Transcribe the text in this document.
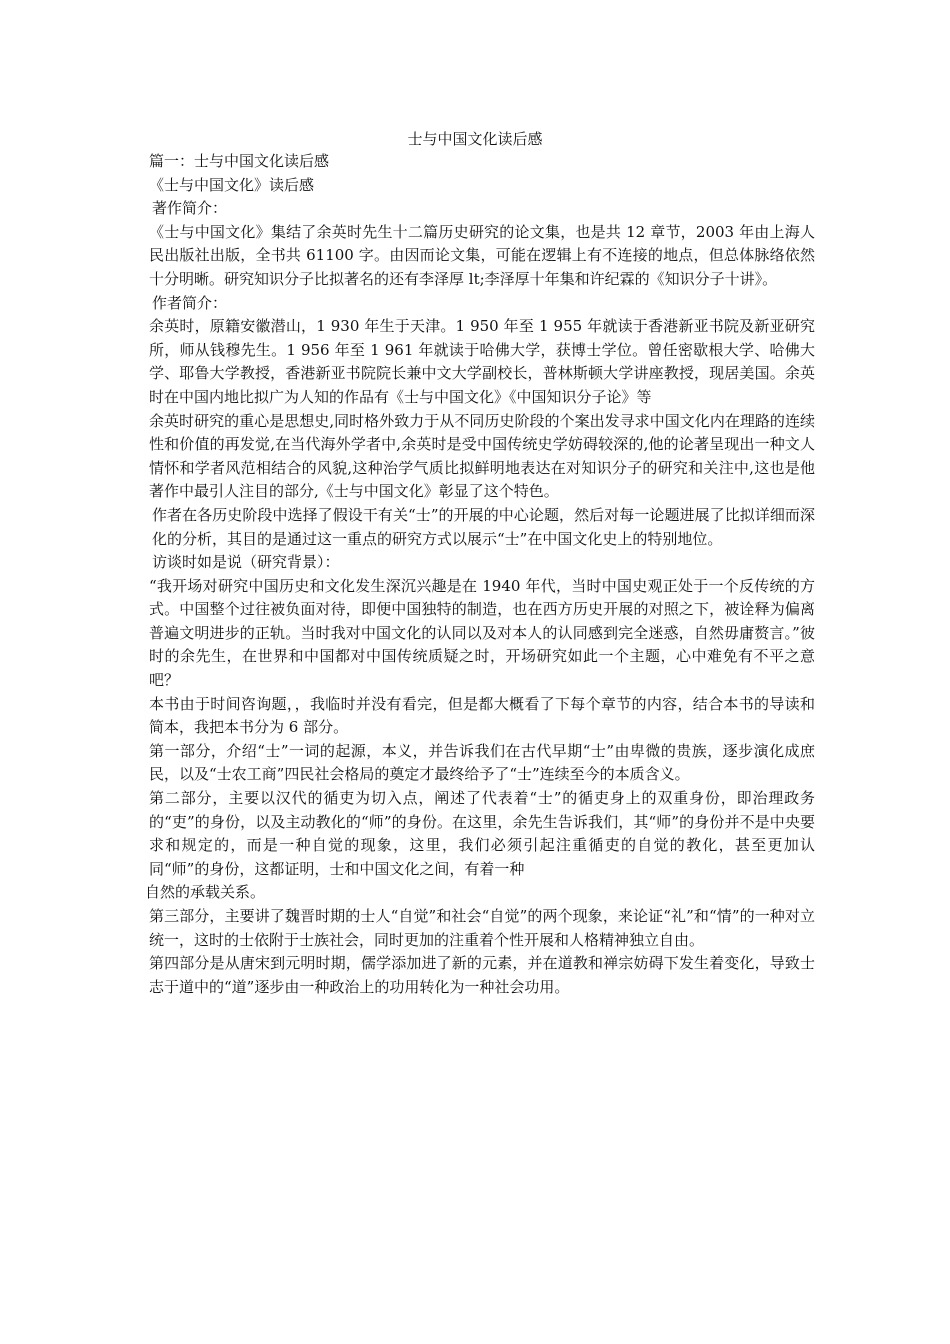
士与中国文化读后感

篇一：士与中国文化读后感

《士与中国文化》读后感

著作简介：

《士与中国文化》集结了余英时先生十二篇历史研究的论文集，也是共 12 章节，2003 年由上海人民出版社出版，全书共 61100 字。由因而论文集，可能在逻辑上有不连接的地点，但总体脉络依然十分明晰。研究知识分子比拟著名的还有李泽厚 lt;李泽厚十年集和许纪霖的《知识分子十讲》。

作者简介：

余英时，原籍安徽潜山，1 930 年生于天津。1 950 年至 1 955 年就读于香港新亚书院及新亚研究所，师从钱穆先生。1 956 年至 1 961 年就读于哈佛大学，获博士学位。曾任密歇根大学、哈佛大学、耶鲁大学教授，香港新亚书院院长兼中文大学副校长，普林斯顿大学讲座教授，现居美国。余英时在中国内地比拟广为人知的作品有《士与中国文化》《中国知识分子论》等

余英时研究的重心是思想史,同时格外致力于从不同历史阶段的个案出发寻求中国文化内在理路的连续性和价值的再发觉,在当代海外学者中,余英时是受中国传统史学妨碍较深的,他的论著呈现出一种文人情怀和学者风范相结合的风貌,这种治学气质比拟鲜明地表达在对知识分子的研究和关注中,这也是他著作中最引人注目的部分,《士与中国文化》彰显了这个特色。

作者在各历史阶段中选择了假设干有关“士”的开展的中心论题，然后对每一论题进展了比拟详细而深化的分析，其目的是通过这一重点的研究方式以展示“士”在中国文化史上的特别地位。

访谈时如是说（研究背景）：

“我开场对研究中国历史和文化发生深沉兴趣是在 1940 年代，当时中国史观正处于一个反传统的方式。中国整个过往被负面对待，即便中国独特的制造，也在西方历史开展的对照之下，被诠释为偏离普遍文明进步的正轨。当时我对中国文化的认同以及对本人的认同感到完全迷惑，自然毋庸赘言。”彼时的余先生，在世界和中国都对中国传统质疑之时，开场研究如此一个主题，心中难免有不平之意吧？

本书由于时间咨询题，，我临时并没有看完，但是都大概看了下每个章节的内容，结合本书的导读和简本，我把本书分为 6 部分。

第一部分，介绍“士”一词的起源，本义，并告诉我们在古代早期“士”由卑微的贵族，逐步演化成庶民，以及“士农工商”四民社会格局的奠定才最终给予了“士”连续至今的本质含义。

第二部分，主要以汉代的循吏为切入点，阐述了代表着“士”的循吏身上的双重身份，即治理政务的“吏”的身份，以及主动教化的“师”的身份。在这里，余先生告诉我们，其“师”的身份并不是中央要求和规定的，而是一种自觉的现象，这里，我们必须引起注重循吏的自觉的教化，甚至更加认同“师”的身份，这都证明，士和中国文化之间，有着一种

自然的承载关系。

第三部分，主要讲了魏晋时期的士人“自觉”和社会“自觉”的两个现象，来论证“礼”和“情”的一种对立统一，这时的士依附于士族社会，同时更加的注重着个性开展和人格精神独立自由。

第四部分是从唐宋到元明时期，儒学添加进了新的元素，并在道教和禅宗妨碍下发生着变化，导致士志于道中的“道”逐步由一种政治上的功用转化为一种社会功用。
